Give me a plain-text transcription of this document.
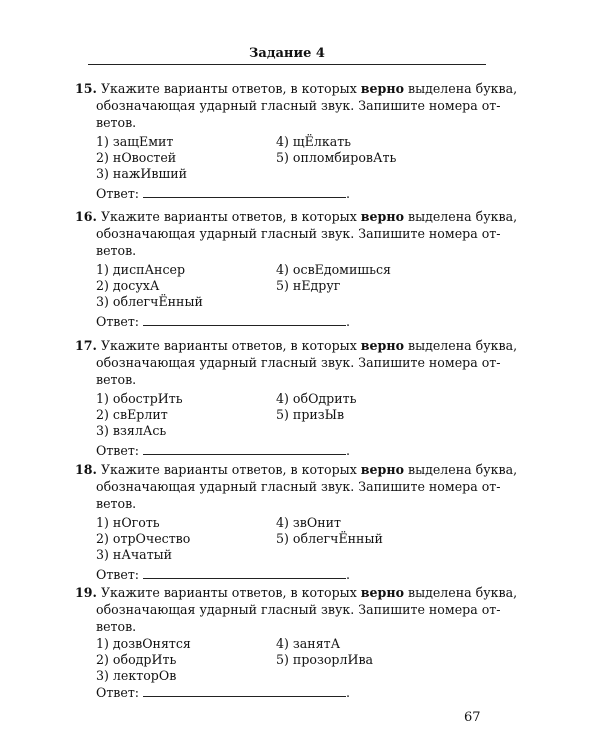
Задание 4
15. Укажите варианты ответов, в которых верно выделена буква,
обозначающая ударный гласный звук. Запишите номера от-
ветов.
1) защЕмит
2) нОвостей
3) нажИвший
4) щЁлкать
5) опломбировАть
Ответ:	.
16. Укажите варианты ответов, в которых верно выделена буква,
обозначающая ударный гласный звук. Запишите номера от-
ветов.
1) диспАнсер
2) досухА
3) облегчЁнный
4) освЕдомишься
5) нЕдруг
Ответ:	.
17. Укажите варианты ответов, в которых верно выделена буква,
обозначающая ударный гласный звук. Запишите номера от-
ветов.
1) обострИть
2) свЕрлит
3) взялАсь
4) обОдрить
5) призЫв
Ответ:	.
18. Укажите варианты ответов, в которых верно выделена буква,
обозначающая ударный гласный звук. Запишите номера от-
ветов.
1) нОготь
2) отрОчество
3) нАчатый
4) звОнит
5) облегчЁнный
Ответ:	.
19. Укажите варианты ответов, в которых верно выделена буква,
обозначающая ударный гласный звук. Запишите номера от-
ветов.
1) дозвОнятся
2) ободрИть
3) лекторОв
4) занятА
5) прозорлИва
Ответ:	.
67
